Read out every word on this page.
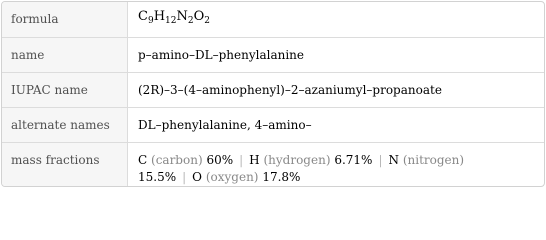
formula	$C_9H_{12}N_2O_2$
name	p–amino–DL–phenylalanine
IUPAC name	(2R)–3–(4–aminophenyl)–2–azaniumyl–propanoate
alternate names	DL–phenylalanine, 4–amino–
mass fractions	C (carbon) 60% | H (hydrogen) 6.71% | N (nitrogen)
15.5% | O (oxygen) 17.8%
